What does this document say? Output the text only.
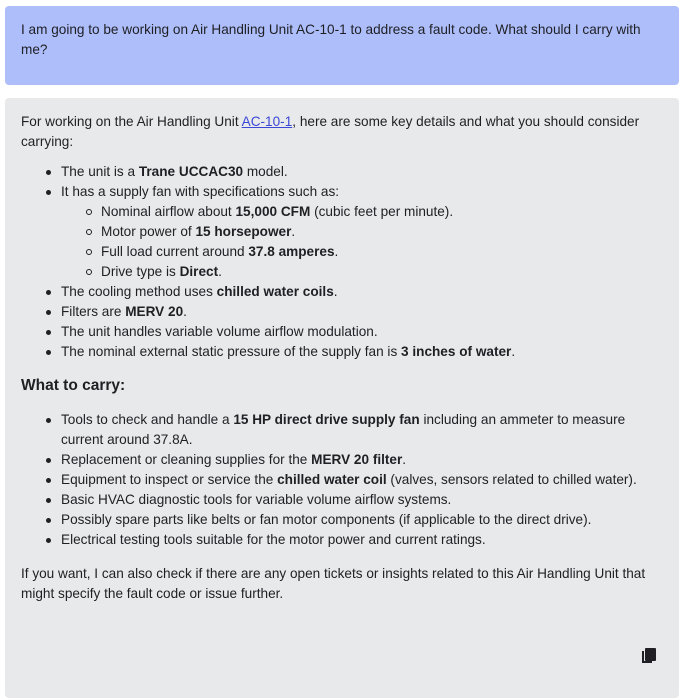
I am going to be working on Air Handling Unit AC-10-1 to address a fault code. What should I carry with me?

For working on the Air Handling Unit AC-10-1, here are some key details and what you should consider carrying:

The unit is a Trane UCCAC30 model.
It has a supply fan with specifications such as:
Nominal airflow about 15,000 CFM (cubic feet per minute).
Motor power of 15 horsepower.
Full load current around 37.8 amperes.
Drive type is Direct.
The cooling method uses chilled water coils.
Filters are MERV 20.
The unit handles variable volume airflow modulation.
The nominal external static pressure of the supply fan is 3 inches of water.
What to carry:
Tools to check and handle a 15 HP direct drive supply fan including an ammeter to measure current around 37.8A.
Replacement or cleaning supplies for the MERV 20 filter.
Equipment to inspect or service the chilled water coil (valves, sensors related to chilled water).
Basic HVAC diagnostic tools for variable volume airflow systems.
Possibly spare parts like belts or fan motor components (if applicable to the direct drive).
Electrical testing tools suitable for the motor power and current ratings.

If you want, I can also check if there are any open tickets or insights related to this Air Handling Unit that might specify the fault code or issue further.
